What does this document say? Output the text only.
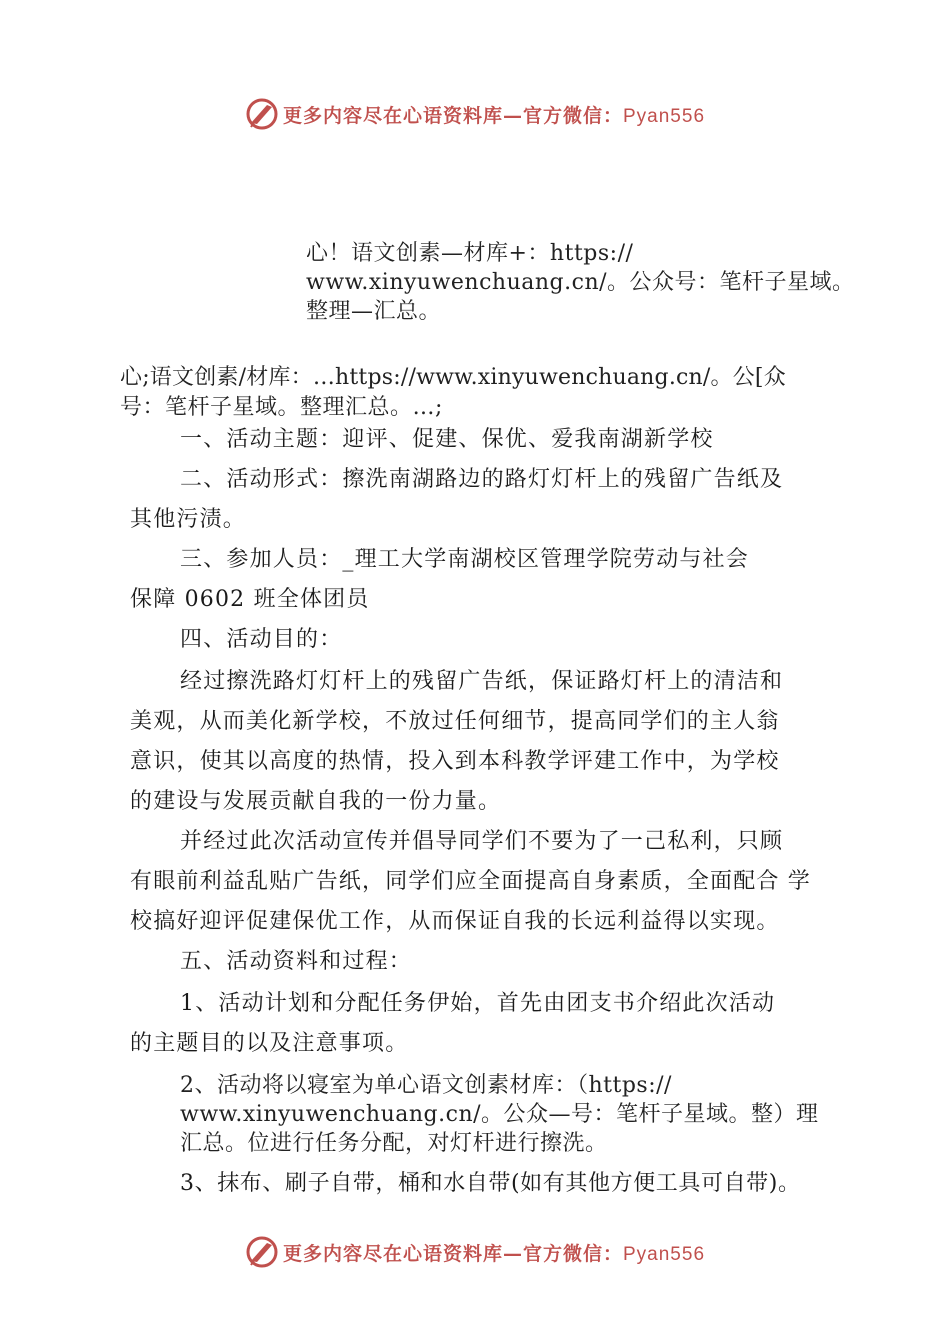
更多内容尽在心语资料库—官方微信：Pyan556
心！语文创素—材库+：https://
www.xinyuwenchuang.cn/。公众号：笔杆子星域。
整理—汇总。
心;语文创素/材库：…https://www.xinyuwenchuang.cn/。公[众
号：笔杆子星域。整理汇总。…;
一、活动主题：迎评、促建、保优、爱我南湖新学校
二、活动形式：擦洗南湖路边的路灯灯杆上的残留广告纸及
其他污渍。
三、参加人员：_理工大学南湖校区管理学院劳动与社会
保障 0602 班全体团员
四、活动目的：
经过擦洗路灯灯杆上的残留广告纸，保证路灯杆上的清洁和
美观，从而美化新学校，不放过任何细节，提高同学们的主人翁
意识，使其以高度的热情，投入到本科教学评建工作中，为学校
的建设与发展贡献自我的一份力量。
并经过此次活动宣传并倡导同学们不要为了一己私利，只顾
有眼前利益乱贴广告纸，同学们应全面提高自身素质，全面配合 学
校搞好迎评促建保优工作，从而保证自我的长远利益得以实现。
五、活动资料和过程：
1、活动计划和分配任务伊始，首先由团支书介绍此次活动
的主题目的以及注意事项。
2、活动将以寝室为单心语文创素材库：（https://
www.xinyuwenchuang.cn/。公众—号：笔杆子星域。整）理
汇总。位进行任务分配，对灯杆进行擦洗。
3、抹布、刷子自带，桶和水自带(如有其他方便工具可自带)。
更多内容尽在心语资料库—官方微信：Pyan556
